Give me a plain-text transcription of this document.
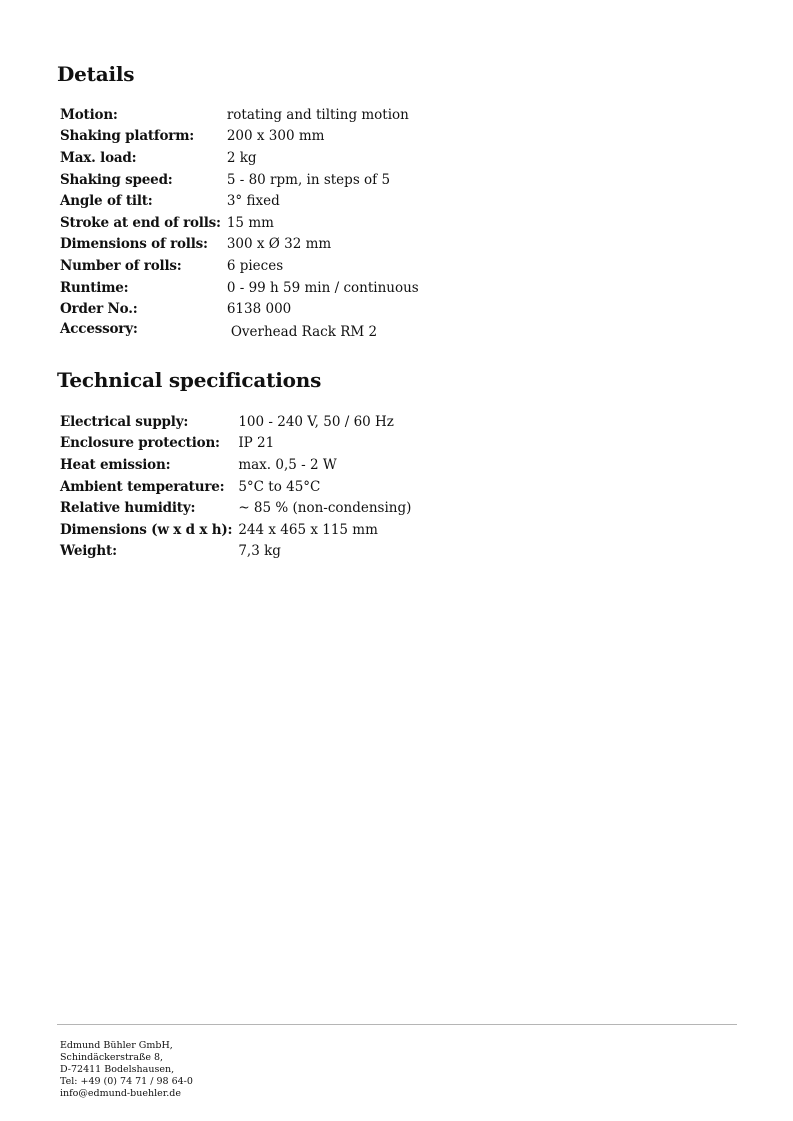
Details
Motion:	rotating and tilting motion
Shaking platform:	200 x 300 mm
Max. load:	2 kg
Shaking speed:	5 - 80 rpm, in steps of 5
Angle of tilt:	3° fixed
Stroke at end of rolls:	15 mm
Dimensions of rolls:	300 x Ø 32 mm
Number of rolls:	6 pieces
Runtime:	0 - 99 h 59 min / continuous
Order No.:	6138 000
Accessory:	Overhead Rack RM 2
Technical specifications
Electrical supply:	100 - 240 V, 50 / 60 Hz
Enclosure protection:	IP 21
Heat emission:	max. 0,5 - 2 W
Ambient temperature:	5°C to 45°C
Relative humidity:	~ 85 % (non-condensing)
Dimensions (w x d x h):	244 x 465 x 115 mm
Weight:	7,3 kg
Edmund Bühler GmbH,
Schindäckerstraße 8,
D-72411 Bodelshausen,
Tel: +49 (0) 74 71 / 98 64-0
info@edmund-buehler.de
